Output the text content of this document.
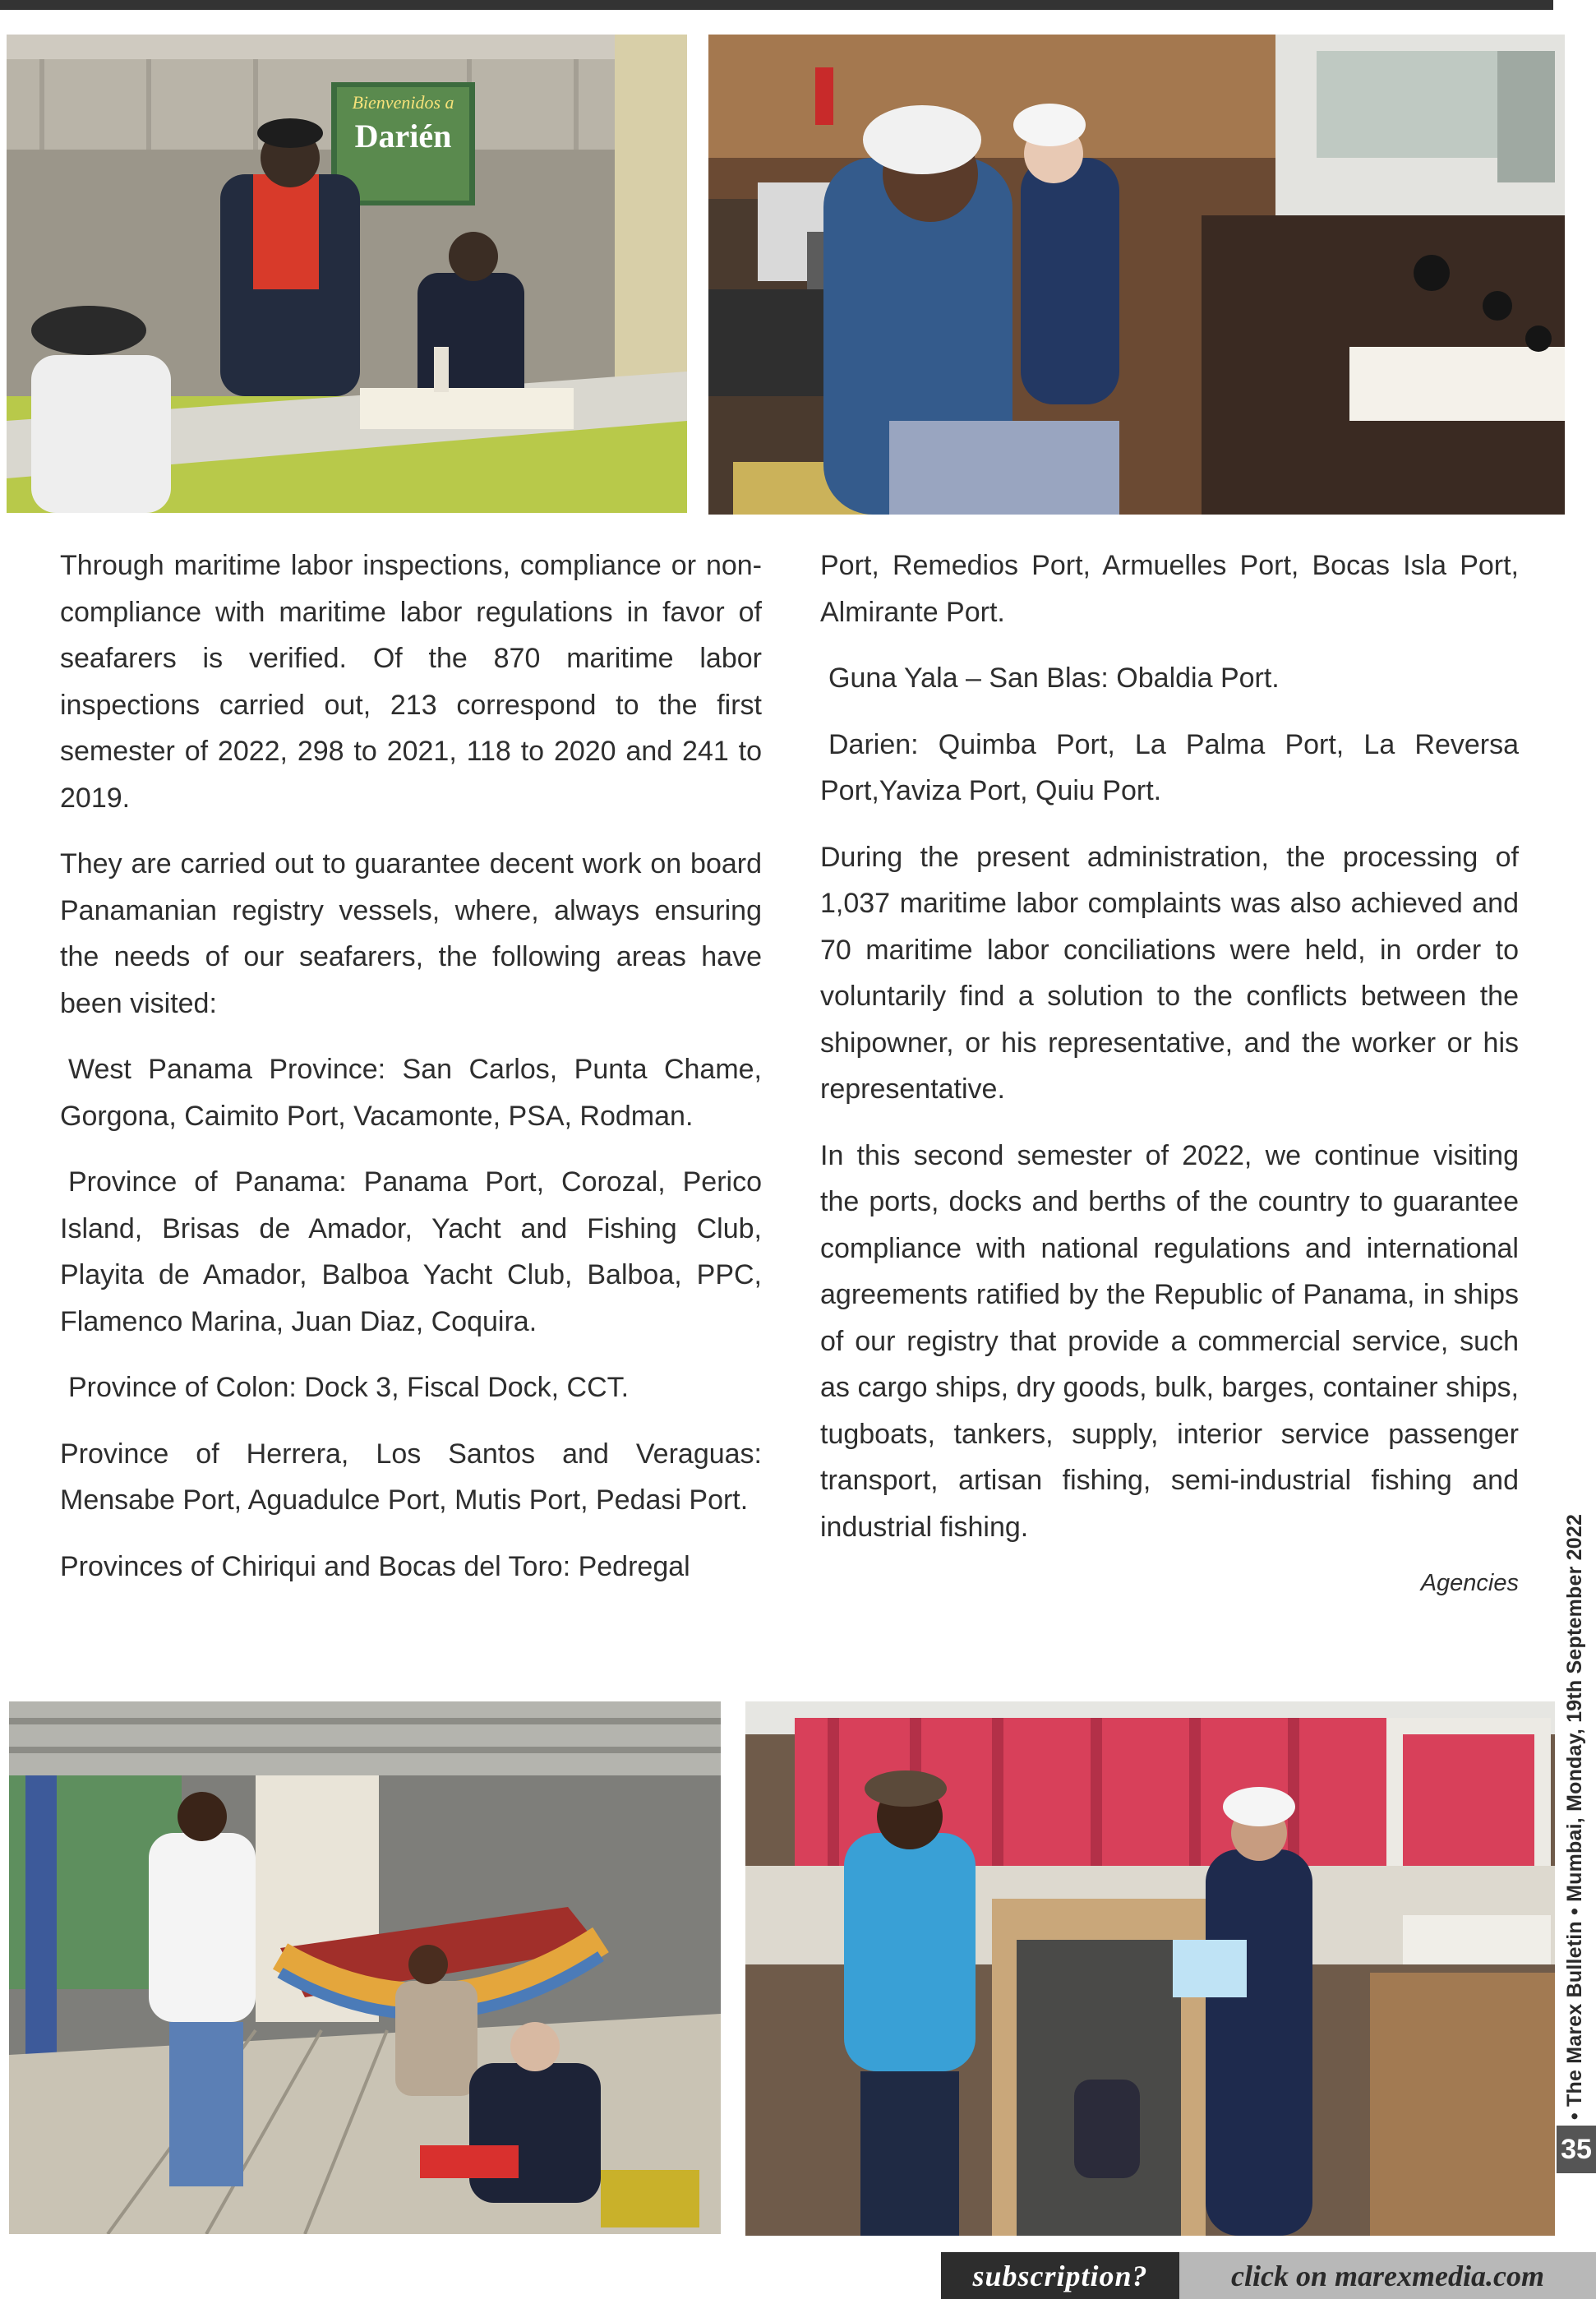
Bienvenidos a
Darién

Through maritime labor inspections, compliance or non-compliance with maritime labor regulations in favor of seafarers is verified. Of the 870 maritime labor inspections carried out, 213 correspond to the first semester of 2022, 298 to 2021, 118 to 2020 and 241 to 2019.

They are carried out to guarantee decent work on board Panamanian registry vessels, where, always ensuring the needs of our seafarers, the following areas have been visited:

West Panama Province: San Carlos, Punta Chame, Gorgona, Caimito Port, Vacamonte, PSA, Rodman.

Province of Panama: Panama Port, Corozal, Perico Island, Brisas de Amador, Yacht and Fishing Club, Playita de Amador, Balboa Yacht Club, Balboa, PPC, Flamenco Marina, Juan Diaz, Coquira.

Province of Colon: Dock 3, Fiscal Dock, CCT.

Province of Herrera, Los Santos and Veraguas: Mensabe Port, Aguadulce Port, Mutis Port, Pedasi Port.

Provinces of Chiriqui and Bocas del Toro: Pedregal

Port, Remedios Port, Armuelles Port, Bocas Isla Port, Almirante Port.

Guna Yala – San Blas: Obaldia Port.

Darien: Quimba Port, La Palma Port, La Reversa Port,Yaviza Port, Quiu Port.

During the present administration, the processing of 1,037 maritime labor complaints was also achieved and 70 maritime labor conciliations were held, in order to voluntarily find a solution to the conflicts between the shipowner, or his representative, and the worker or his representative.

In this second semester of 2022, we continue visiting the ports, docks and berths of the country to guarantee compliance with national regulations and international agreements ratified by the Republic of Panama, in ships of our registry that provide a commercial service, such as cargo ships, dry goods, bulk, barges, container ships, tugboats, tankers, supply, interior service passenger transport, artisan fishing, semi-industrial fishing and industrial fishing.

Agencies • The Marex Bulletin • Mumbai, Monday, 19th September 2022
35
subscription?	click on marexmedia.com
